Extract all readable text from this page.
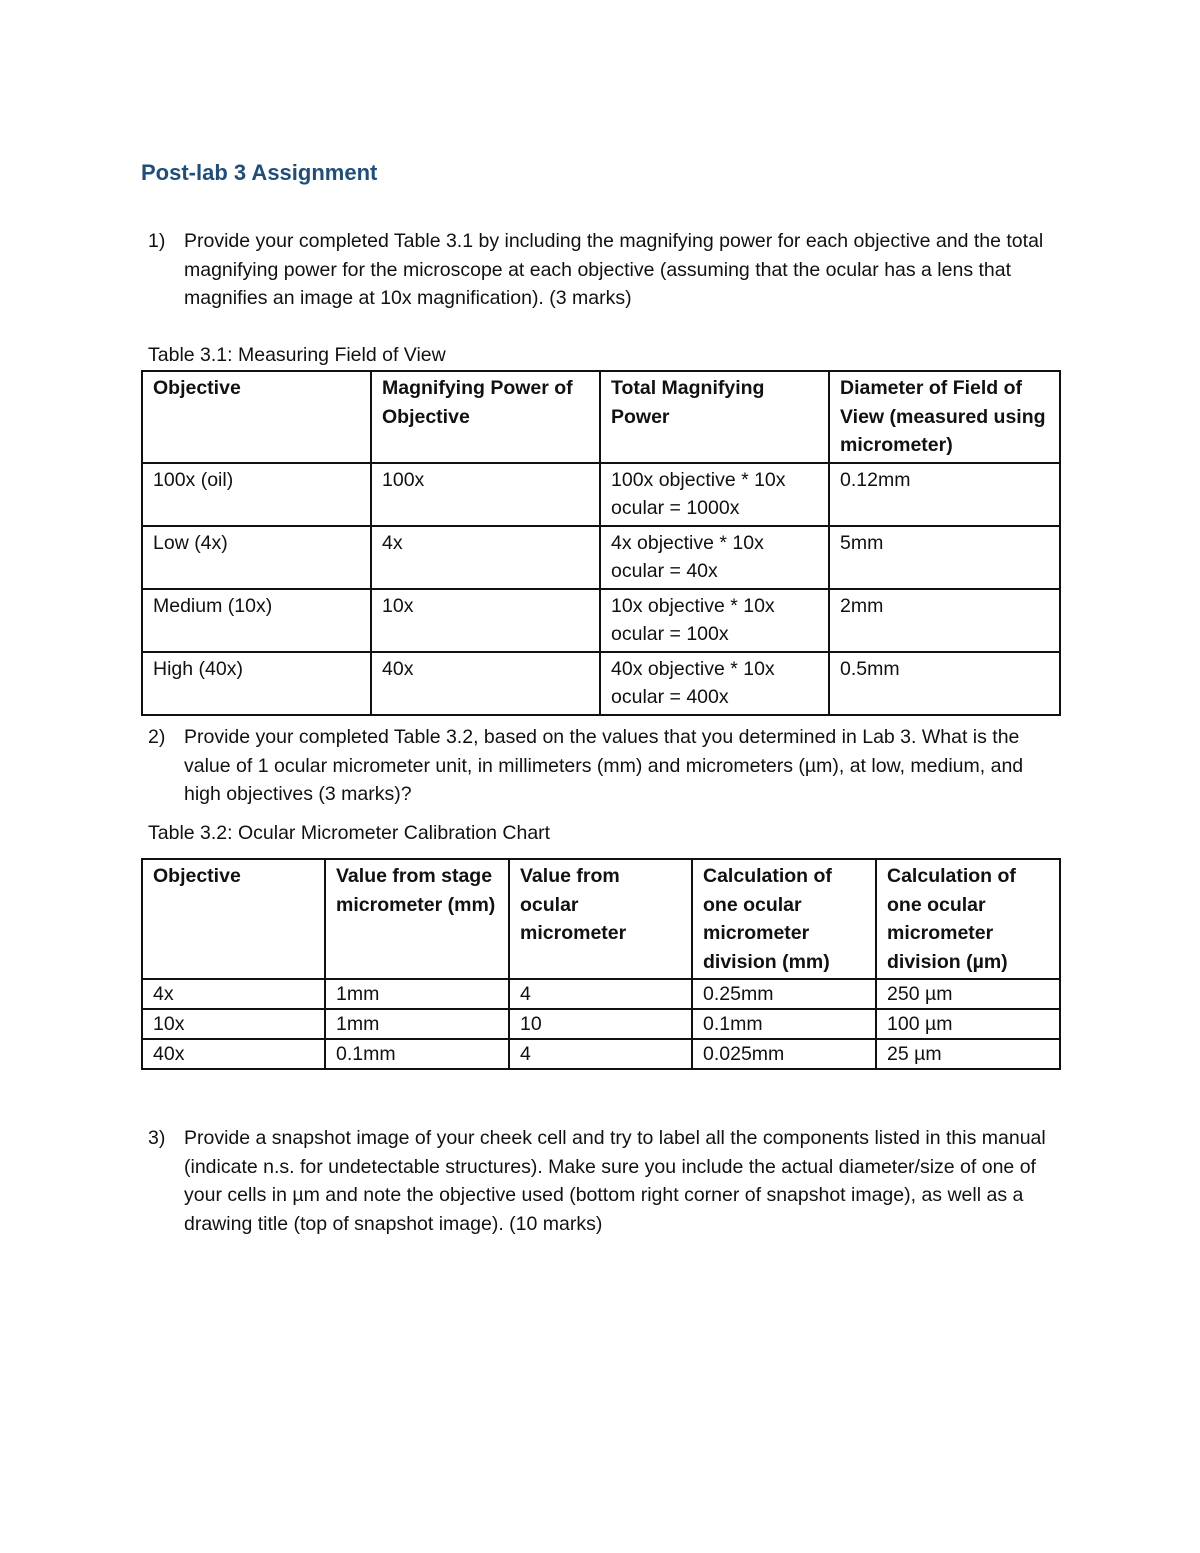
Post-lab 3 Assignment
1) Provide your completed Table 3.1 by including the magnifying power for each objective and the total magnifying power for the microscope at each objective (assuming that the ocular has a lens that magnifies an image at 10x magnification). (3 marks)
Table 3.1: Measuring Field of View
Objective	Magnifying Power of Objective	Total Magnifying Power	Diameter of Field of View (measured using micrometer)
100x (oil)	100x	100x objective * 10x ocular = 1000x	0.12mm
Low (4x)	4x	4x objective * 10x ocular = 40x	5mm
Medium (10x)	10x	10x objective * 10x ocular = 100x	2mm
High (40x)	40x	40x objective * 10x ocular = 400x	0.5mm
2) Provide your completed Table 3.2, based on the values that you determined in Lab 3. What is the value of 1 ocular micrometer unit, in millimeters (mm) and micrometers (µm), at low, medium, and high objectives (3 marks)?
Table 3.2: Ocular Micrometer Calibration Chart
Objective	Value from stage micrometer (mm)	Value from ocular micrometer	Calculation of one ocular micrometer division (mm)	Calculation of one ocular micrometer division (µm)
4x	1mm	4	0.25mm	250 µm
10x	1mm	10	0.1mm	100 µm
40x	0.1mm	4	0.025mm	25 µm
3) Provide a snapshot image of your cheek cell and try to label all the components listed in this manual (indicate n.s. for undetectable structures). Make sure you include the actual diameter/size of one of your cells in µm and note the objective used (bottom right corner of snapshot image), as well as a drawing title (top of snapshot image). (10 marks)
